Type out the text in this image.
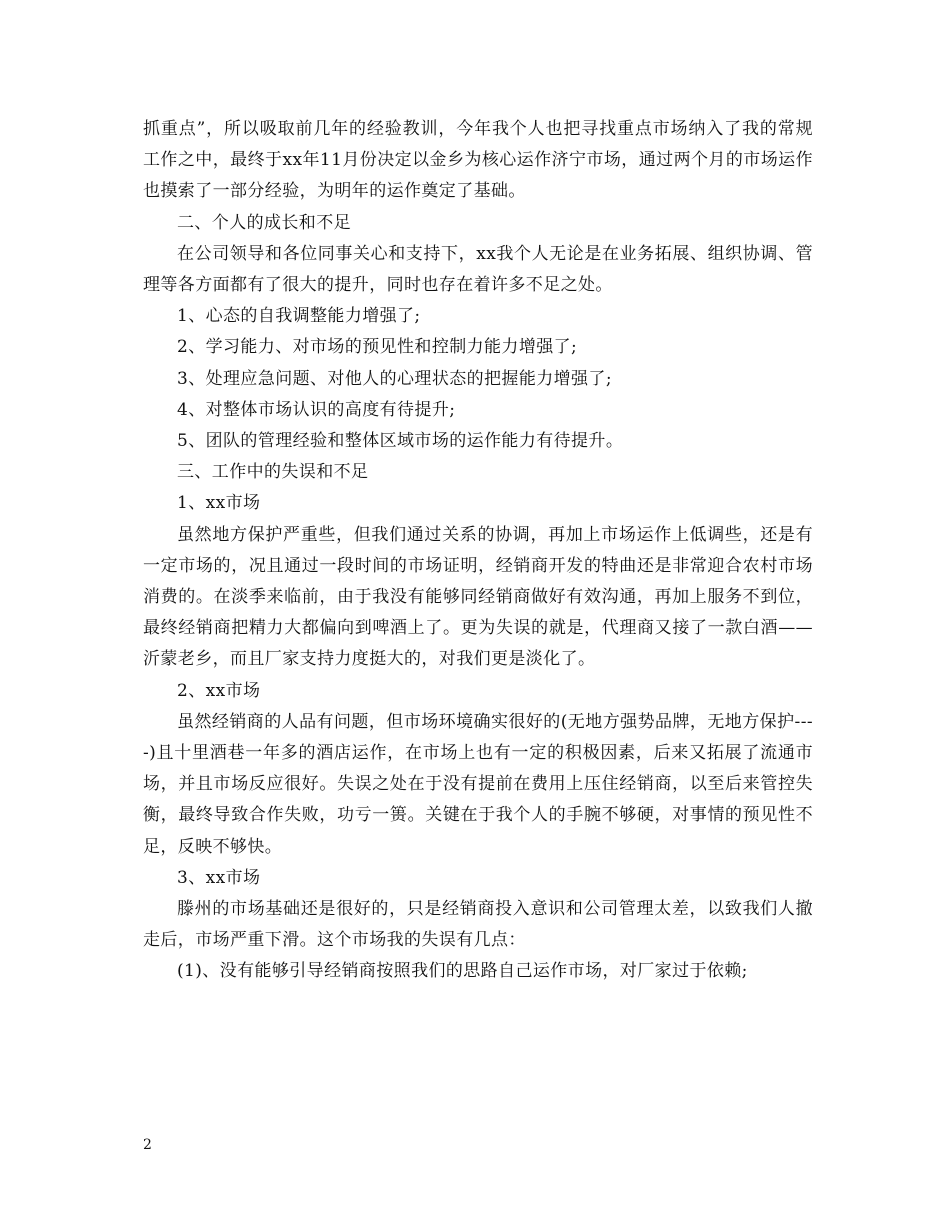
抓重点”，所以吸取前几年的经验教训，今年我个人也把寻找重点市场纳入了我的常规工作之中，最终于xx年11月份决定以金乡为核心运作济宁市场，通过两个月的市场运作也摸索了一部分经验，为明年的运作奠定了基础。

二、个人的成长和不足

在公司领导和各位同事关心和支持下，xx我个人无论是在业务拓展、组织协调、管理等各方面都有了很大的提升，同时也存在着许多不足之处。

1、心态的自我调整能力增强了;

2、学习能力、对市场的预见性和控制力能力增强了;

3、处理应急问题、对他人的心理状态的把握能力增强了;

4、对整体市场认识的高度有待提升;

5、团队的管理经验和整体区域市场的运作能力有待提升。

三、工作中的失误和不足

1、xx市场

虽然地方保护严重些，但我们通过关系的协调，再加上市场运作上低调些，还是有一定市场的，况且通过一段时间的市场证明，经销商开发的特曲还是非常迎合农村市场消费的。在淡季来临前，由于我没有能够同经销商做好有效沟通，再加上服务不到位，最终经销商把精力大都偏向到啤酒上了。更为失误的就是，代理商又接了一款白酒——沂蒙老乡，而且厂家支持力度挺大的，对我们更是淡化了。

2、xx市场

虽然经销商的人品有问题，但市场环境确实很好的(无地方强势品牌，无地方保护----)且十里酒巷一年多的酒店运作，在市场上也有一定的积极因素，后来又拓展了流通市场，并且市场反应很好。失误之处在于没有提前在费用上压住经销商，以至后来管控失衡，最终导致合作失败，功亏一篑。关键在于我个人的手腕不够硬，对事情的预见性不足，反映不够快。

3、xx市场

滕州的市场基础还是很好的，只是经销商投入意识和公司管理太差，以致我们人撤走后，市场严重下滑。这个市场我的失误有几点：

(1)、没有能够引导经销商按照我们的思路自己运作市场，对厂家过于依赖;

2
